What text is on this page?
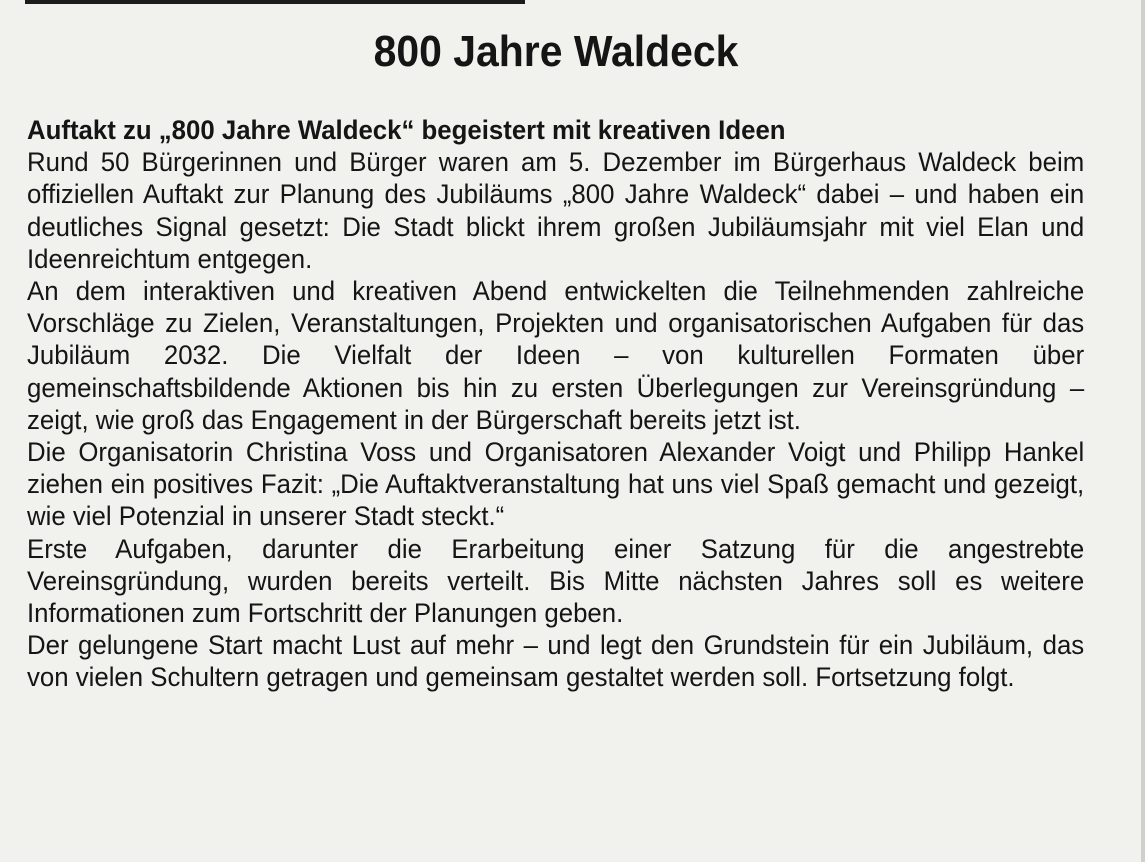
800 Jahre Waldeck

Auftakt zu „800 Jahre Waldeck“ begeistert mit kreativen Ideen

Rund 50 Bürgerinnen und Bürger waren am 5. Dezember im Bürgerhaus Waldeck beim offiziellen Auftakt zur Planung des Jubiläums „800 Jahre Waldeck“ dabei – und haben ein deutliches Signal gesetzt: Die Stadt blickt ihrem großen Jubiläumsjahr mit viel Elan und Ideenreichtum entgegen.

An dem interaktiven und kreativen Abend entwickelten die Teilnehmenden zahlreiche Vorschläge zu Zielen, Veranstaltungen, Projekten und organisatorischen Aufgaben für das Jubiläum 2032. Die Vielfalt der Ideen – von kulturellen Formaten über gemeinschaftsbildende Aktionen bis hin zu ersten Überlegungen zur Vereinsgründung – zeigt, wie groß das Engagement in der Bürgerschaft bereits jetzt ist.

Die Organisatorin Christina Voss und Organisatoren Alexander Voigt und Philipp Hankel ziehen ein positives Fazit: „Die Auftaktveranstaltung hat uns viel Spaß gemacht und gezeigt, wie viel Potenzial in unserer Stadt steckt.“

Erste Aufgaben, darunter die Erarbeitung einer Satzung für die angestrebte Vereinsgründung, wurden bereits verteilt. Bis Mitte nächsten Jahres soll es weitere Informationen zum Fortschritt der Planungen geben.

Der gelungene Start macht Lust auf mehr – und legt den Grundstein für ein Jubiläum, das von vielen Schultern getragen und gemeinsam gestaltet werden soll. Fortsetzung folgt.
